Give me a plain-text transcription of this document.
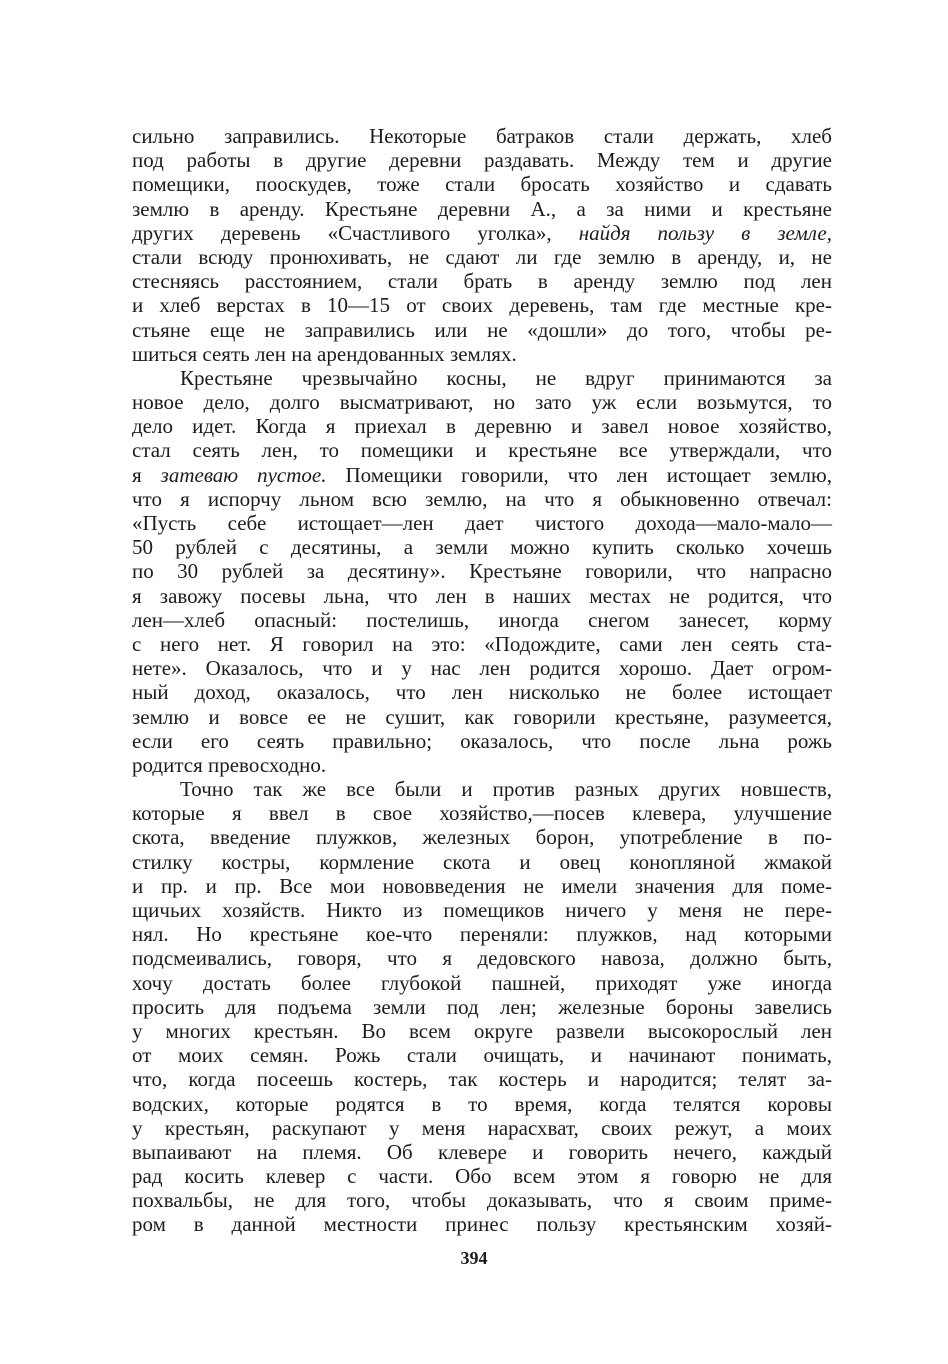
сильно заправились. Некоторые батраков стали держать, хлеб
под работы в другие деревни раздавать. Между тем и другие
помещики, пооскудев, тоже стали бросать хозяйство и сдавать
землю в аренду. Крестьяне деревни А., а за ними и крестьяне
других деревень «Счастливого уголка», найдя пользу в земле,
стали всюду пронюхивать, не сдают ли где землю в аренду, и, не
стесняясь расстоянием, стали брать в аренду землю под лен
и хлеб верстах в 10—15 от своих деревень, там где местные кре-
стьяне еще не заправились или не «дошли» до того, чтобы ре-
шиться сеять лен на арендованных землях.
Крестьяне чрезвычайно косны, не вдруг принимаются за
новое дело, долго высматривают, но зато уж если возьмутся, то
дело идет. Когда я приехал в деревню и завел новое хозяйство,
стал сеять лен, то помещики и крестьяне все утверждали, что
я затеваю пустое. Помещики говорили, что лен истощает землю,
что я испорчу льном всю землю, на что я обыкновенно отвечал:
«Пусть себе истощает—лен дает чистого дохода—мало-мало—
50 рублей с десятины, а земли можно купить сколько хочешь
по 30 рублей за десятину». Крестьяне говорили, что напрасно
я завожу посевы льна, что лен в наших местах не родится, что
лен—хлеб опасный: постелишь, иногда снегом занесет, корму
с него нет. Я говорил на это: «Подождите, сами лен сеять ста-
нете». Оказалось, что и у нас лен родится хорошо. Дает огром-
ный доход, оказалось, что лен нисколько не более истощает
землю и вовсе ее не сушит, как говорили крестьяне, разумеется,
если его сеять правильно; оказалось, что после льна рожь
родится превосходно.
Точно так же все были и против разных других новшеств,
которые я ввел в свое хозяйство,—посев клевера, улучшение
скота, введение плужков, железных борон, употребление в по-
стилку костры, кормление скота и овец конопляной жмакой
и пр. и пр. Все мои нововведения не имели значения для поме-
щичьих хозяйств. Никто из помещиков ничего у меня не пере-
нял. Но крестьяне кое-что переняли: плужков, над которыми
подсмеивались, говоря, что я дедовского навоза, должно быть,
хочу достать более глубокой пашней, приходят уже иногда
просить для подъема земли под лен; железные бороны завелись
у многих крестьян. Во всем округе развели высокорослый лен
от моих семян. Рожь стали очищать, и начинают понимать,
что, когда посеешь костерь, так костерь и народится; телят за-
водских, которые родятся в то время, когда телятся коровы
у крестьян, раскупают у меня нарасхват, своих режут, а моих
выпаивают на племя. Об клевере и говорить нечего, каждый
рад косить клевер с части. Обо всем этом я говорю не для
похвальбы, не для того, чтобы доказывать, что я своим приме-
ром в данной местности принес пользу крестьянским хозяй-
394
